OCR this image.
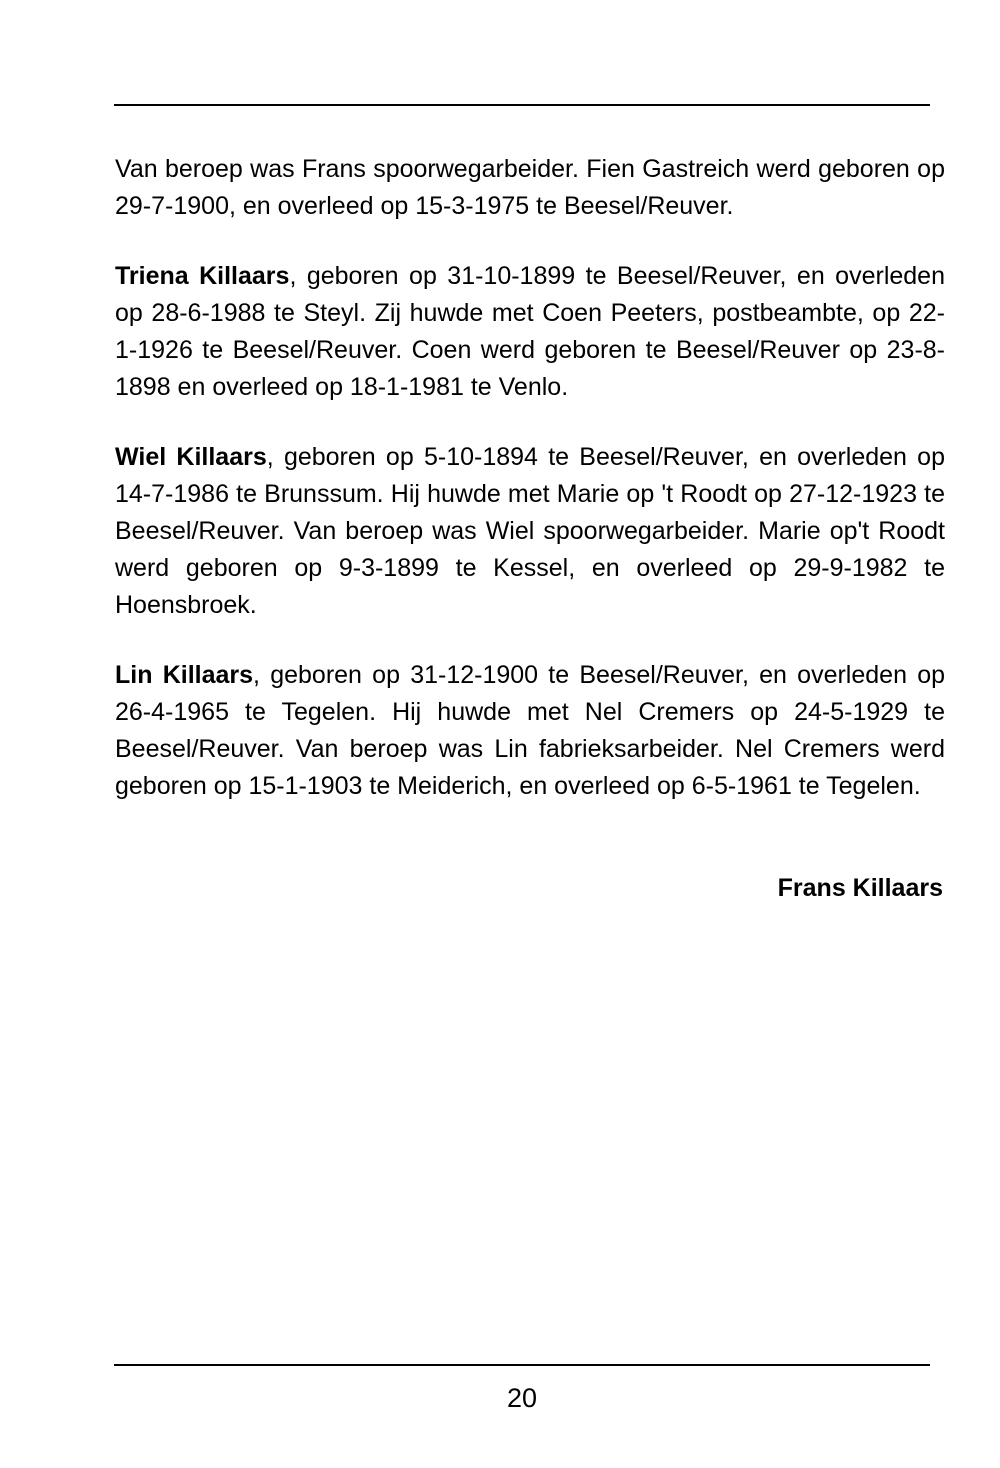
Van beroep was Frans spoorwegarbeider. Fien Gastreich werd geboren op 29-7-1900, en overleed op 15-3-1975 te Beesel/Reuver.

Triena Killaars, geboren op 31-10-1899 te Beesel/Reuver, en overleden op 28-6-1988 te Steyl. Zij huwde met Coen Peeters, postbeambte, op 22-1-1926 te Beesel/Reuver. Coen werd geboren te Beesel/Reuver op 23-8-1898 en overleed op 18-1-1981 te Venlo.

Wiel Killaars, geboren op 5-10-1894 te Beesel/Reuver, en overleden op 14-7-1986 te Brunssum. Hij huwde met Marie op 't Roodt op 27-12-1923 te Beesel/Reuver. Van beroep was Wiel spoorwegarbeider. Marie op't Roodt werd geboren op 9-3-1899 te Kessel, en overleed op 29-9-1982 te Hoensbroek.

Lin Killaars, geboren op 31-12-1900 te Beesel/Reuver, en overleden op 26-4-1965 te Tegelen. Hij huwde met Nel Cremers op 24-5-1929 te Beesel/Reuver. Van beroep was Lin fabrieksarbeider. Nel Cremers werd geboren op 15-1-1903 te Meiderich, en overleed op 6-5-1961 te Tegelen.

Frans Killaars
20
